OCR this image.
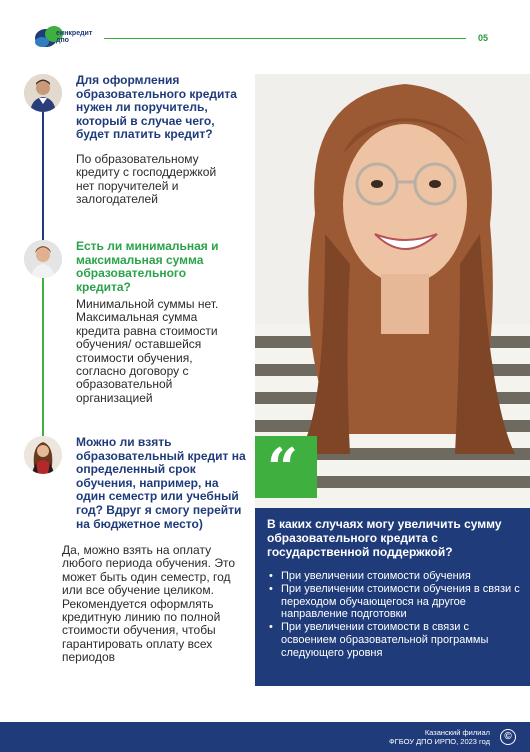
еинкредит дпо	05
Для оформления образовательного кредита нужен ли поручитель, который в случае чего, будет платить кредит?
По образовательному кредиту с господдержкой нет поручителей и залогодателей
Есть ли минимальная и максимальная сумма образовательного кредита?
Минимальной суммы нет. Максимальная сумма кредита равна стоимости обучения/ оставшейся стоимости обучения, согласно договору с образовательной организацией
Можно ли взять образовательный кредит на определенный срок обучения, например, на один семестр или учебный год? Вдруг я смогу перейти на бюджетное место)
Да, можно взять на оплату любого периода обучения. Это может быть один семестр, год или все обучение целиком. Рекомендуется оформлять кредитную линию по полной стоимости обучения, чтобы гарантировать оплату всех периодов
“
В каких случаях могу увеличить сумму образовательного кредита с государственной поддержкой?
• При увеличении стоимости обучения
• При увеличении стоимости обучения в связи с переходом обучающегося на другое направление подготовки
• При увеличении стоимости в связи с освоением образовательной программы следующего уровня
Казанский филиал
ФГБОУ ДПО ИРПО, 2023 год	©
